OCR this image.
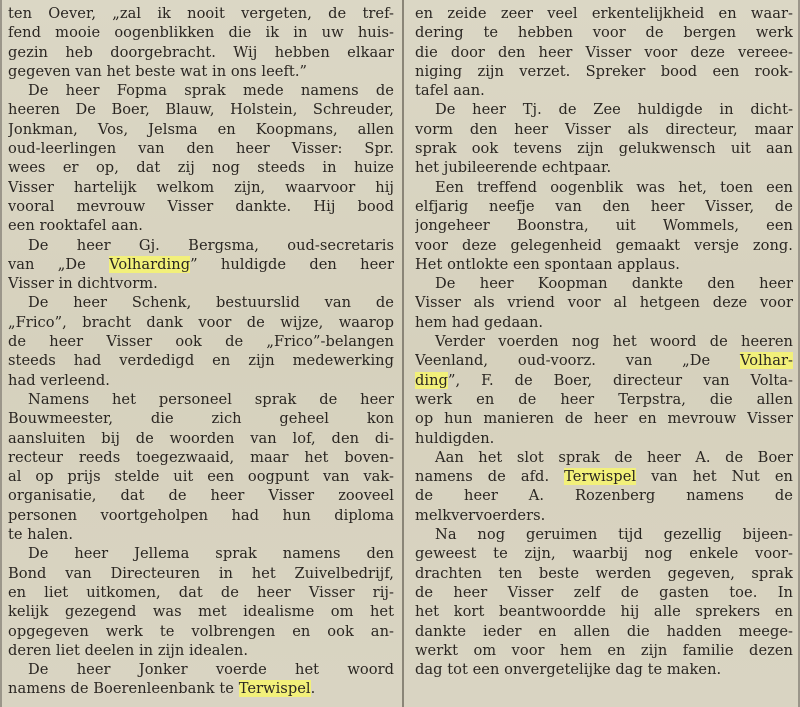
ten Oever, „zal ik nooit vergeten, de tref-
fend mooie oogenblikken die ik in uw huis-
gezin heb doorgebracht. Wij hebben elkaar
gegeven van het beste wat in ons leeft.”
De heer Fopma sprak mede namens de
heeren De Boer, Blauw, Holstein, Schreuder,
Jonkman, Vos, Jelsma en Koopmans, allen
oud-leerlingen van den heer Visser: Spr.
wees er op, dat zij nog steeds in huize
Visser hartelijk welkom zijn, waarvoor hij
vooral mevrouw Visser dankte. Hij bood
een rooktafel aan.
De heer Gj. Bergsma, oud-secretaris
van „De Volharding” huldigde den heer
Visser in dichtvorm.
De heer Schenk, bestuurslid van de
„Frico”, bracht dank voor de wijze, waarop
de heer Visser ook de „Frico”-belangen
steeds had verdedigd en zijn medewerking
had verleend.
Namens het personeel sprak de heer
Bouwmeester, die zich geheel kon
aansluiten bij de woorden van lof, den di-
recteur reeds toegezwaaid, maar het boven-
al op prijs stelde uit een oogpunt van vak-
organisatie, dat de heer Visser zooveel
personen voortgeholpen had hun diploma
te halen.
De heer Jellema sprak namens den
Bond van Directeuren in het Zuivelbedrijf,
en liet uitkomen, dat de heer Visser rij-
kelijk gezegend was met idealisme om het
opgegeven werk te volbrengen en ook an-
deren liet deelen in zijn idealen.
De heer Jonker voerde het woord
namens de Boerenleenbank te Terwispel.
en zeide zeer veel erkentelijkheid en waar-
dering te hebben voor de bergen werk
die door den heer Visser voor deze vereee-
niging zijn verzet. Spreker bood een rook-
tafel aan.
De heer Tj. de Zee huldigde in dicht-
vorm den heer Visser als directeur, maar
sprak ook tevens zijn gelukwensch uit aan
het jubileerende echtpaar.
Een treffend oogenblik was het, toen een
elfjarig neefje van den heer Visser, de
jongeheer Boonstra, uit Wommels, een
voor deze gelegenheid gemaakt versje zong.
Het ontlokte een spontaan applaus.
De heer Koopman dankte den heer
Visser als vriend voor al hetgeen deze voor
hem had gedaan.
Verder voerden nog het woord de heeren
Veenland, oud-voorz. van „De Volhar-
ding”, F. de Boer, directeur van Volta-
werk en de heer Terpstra, die allen
op hun manieren de heer en mevrouw Visser
huldigden.
Aan het slot sprak de heer A. de Boer
namens de afd. Terwispel van het Nut en
de heer A. Rozenberg namens de
melkvervoerders.
Na nog geruimen tijd gezellig bijeen-
geweest te zijn, waarbij nog enkele voor-
drachten ten beste werden gegeven, sprak
de heer Visser zelf de gasten toe. In
het kort beantwoordde hij alle sprekers en
dankte ieder en allen die hadden meege-
werkt om voor hem en zijn familie dezen
dag tot een onvergetelijke dag te maken.
